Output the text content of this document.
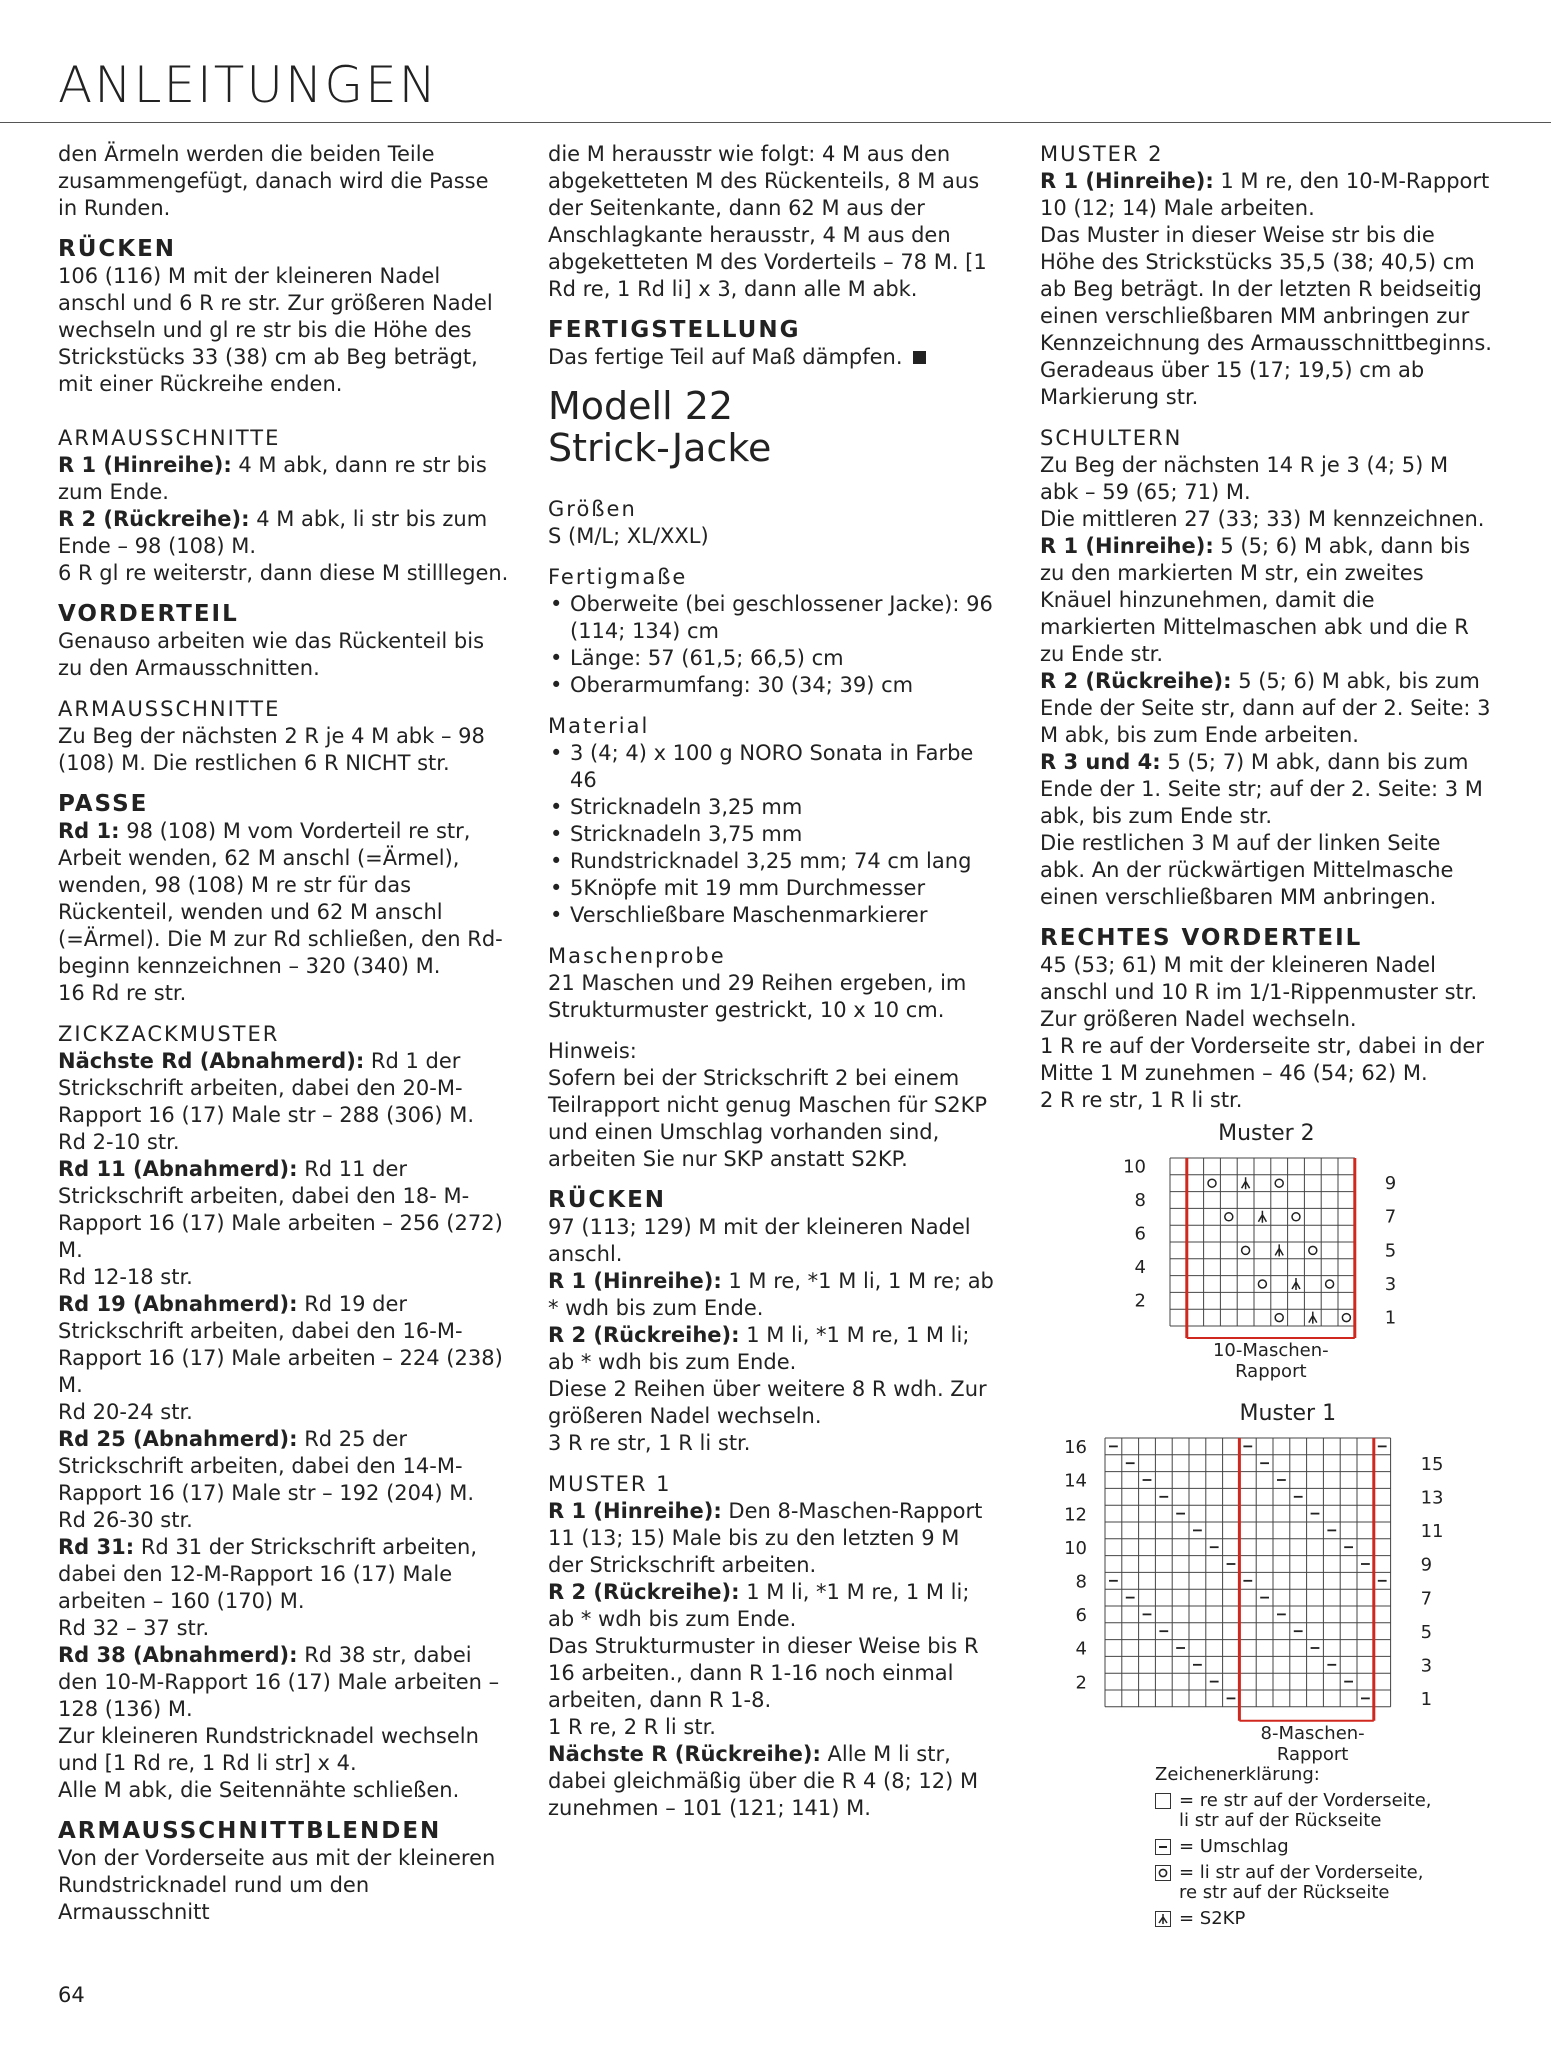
ANLEITUNGEN

den Ärmeln werden die beiden Teile zusammengefügt, danach wird die Passe in Runden.

RÜCKEN

106 (116) M mit der kleineren Nadel anschl und 6 R re str. Zur größeren Nadel wechseln und gl re str bis die Höhe des Strickstücks 33 (38) cm ab Beg beträgt, mit einer Rückreihe enden.

ARMAUSSCHNITTE

R 1 (Hinreihe): 4 M abk, dann re str bis zum Ende.

R 2 (Rückreihe): 4 M abk, li str bis zum Ende – 98 (108) M.

6 R gl re weiterstr, dann diese M stilllegen.

VORDERTEIL

Genauso arbeiten wie das Rückenteil bis zu den Armausschnitten.

ARMAUSSCHNITTE

Zu Beg der nächsten 2 R je 4 M abk – 98 (108) M. Die restlichen 6 R NICHT str.

PASSE

Rd 1: 98 (108) M vom Vorderteil re str, Arbeit wenden, 62 M anschl (=Ärmel), wenden, 98 (108) M re str für das Rückenteil, wenden und 62 M anschl (=Ärmel). Die M zur Rd schließen, den Rd-beginn kennzeichnen – 320 (340) M.

16 Rd re str.

ZICKZACKMUSTER

Nächste Rd (Abnahmerd): Rd 1 der Strickschrift arbeiten, dabei den 20-M-Rapport 16 (17) Male str – 288 (306) M.

Rd 2-10 str.

Rd 11 (Abnahmerd): Rd 11 der Strickschrift arbeiten, dabei den 18- M- Rapport 16 (17) Male arbeiten – 256 (272) M.

Rd 12-18 str.

Rd 19 (Abnahmerd): Rd 19 der Strickschrift arbeiten, dabei den 16-M-Rapport 16 (17) Male arbeiten – 224 (238) M.

Rd 20-24 str.

Rd 25 (Abnahmerd): Rd 25 der Strickschrift arbeiten, dabei den 14-M-Rapport 16 (17) Male str – 192 (204) M.

Rd 26-30 str.

Rd 31: Rd 31 der Strickschrift arbeiten, dabei den 12-M-Rapport 16 (17) Male arbeiten – 160 (170) M.

Rd 32 – 37 str.

Rd 38 (Abnahmerd): Rd 38 str, dabei den 10-M-Rapport 16 (17) Male arbeiten – 128 (136) M.

Zur kleineren Rundstricknadel wechseln und [1 Rd re, 1 Rd li str] x 4.

Alle M abk, die Seitennähte schließen.

ARMAUSSCHNITTBLENDEN

Von der Vorderseite aus mit der kleineren Rundstricknadel rund um den Armausschnitt

die M herausstr wie folgt: 4 M aus den abgeketteten M des Rückenteils, 8 M aus der Seitenkante, dann 62 M aus der Anschlagkante herausstr, 4 M aus den abgeketteten M des Vorderteils – 78 M. [1 Rd re, 1 Rd li] x 3, dann alle M abk.

FERTIGSTELLUNG

Das fertige Teil auf Maß dämpfen.

Modell 22

Strick-Jacke

Größen

S (M/L; XL/XXL)

Fertigmaße

• Oberweite (bei geschlossener Jacke): 96 (114; 134) cm
• Länge: 57 (61,5; 66,5) cm
• Oberarmumfang: 30 (34; 39) cm

Material

• 3 (4; 4) x 100 g NORO Sonata in Farbe 46
• Stricknadeln 3,25 mm
• Stricknadeln 3,75 mm
• Rundstricknadel 3,25 mm; 74 cm lang
• 5Knöpfe mit 19 mm Durchmesser
• Verschließbare Maschenmarkierer

Maschenprobe

21 Maschen und 29 Reihen ergeben, im Strukturmuster gestrickt, 10 x 10 cm.

Hinweis:

Sofern bei der Strickschrift 2 bei einem Teilrapport nicht genug Maschen für S2KP und einen Umschlag vorhanden sind, arbeiten Sie nur SKP anstatt S2KP.

RÜCKEN

97 (113; 129) M mit der kleineren Nadel anschl.

R 1 (Hinreihe): 1 M re, *1 M li, 1 M re; ab * wdh bis zum Ende.

R 2 (Rückreihe): 1 M li, *1 M re, 1 M li; ab * wdh bis zum Ende.

Diese 2 Reihen über weitere 8 R wdh. Zur größeren Nadel wechseln.

3 R re str, 1 R li str.

MUSTER 1

R 1 (Hinreihe): Den 8-Maschen-Rapport 11 (13; 15) Male bis zu den letzten 9 M der Strickschrift arbeiten.

R 2 (Rückreihe): 1 M li, *1 M re, 1 M li; ab * wdh bis zum Ende.

Das Strukturmuster in dieser Weise bis R 16 arbeiten., dann R 1-16 noch einmal arbeiten, dann R 1-8.

1 R re, 2 R li str.

Nächste R (Rückreihe): Alle M li str, dabei gleichmäßig über die R 4 (8; 12) M zunehmen – 101 (121; 141) M.

MUSTER 2

R 1 (Hinreihe): 1 M re, den 10-M-Rapport 10 (12; 14) Male arbeiten.

Das Muster in dieser Weise str bis die Höhe des Strickstücks 35,5 (38; 40,5) cm ab Beg beträgt. In der letzten R beidseitig einen verschließbaren MM anbringen zur Kennzeichnung des Armausschnittbeginns. Geradeaus über 15 (17; 19,5) cm ab Markierung str.

SCHULTERN

Zu Beg der nächsten 14 R je 3 (4; 5) M abk – 59 (65; 71) M.

Die mittleren 27 (33; 33) M kennzeichnen.

R 1 (Hinreihe): 5 (5; 6) M abk, dann bis zu den markierten M str, ein zweites Knäuel hinzunehmen, damit die markierten Mittelmaschen abk und die R zu Ende str.

R 2 (Rückreihe): 5 (5; 6) M abk, bis zum Ende der Seite str, dann auf der 2. Seite: 3 M abk, bis zum Ende arbeiten.

R 3 und 4: 5 (5; 7) M abk, dann bis zum Ende der 1. Seite str; auf der 2. Seite: 3 M abk, bis zum Ende str.

Die restlichen 3 M auf der linken Seite abk. An der rückwärtigen Mittelmasche einen verschließbaren MM anbringen.

RECHTES VORDERTEIL

45 (53; 61) M mit der kleineren Nadel anschl und 10 R im 1/1-Rippenmuster str. Zur größeren Nadel wechseln.

1 R re auf der Vorderseite str, dabei in der Mitte 1 M zunehmen – 46 (54; 62) M.

2 R re str, 1 R li str.

Muster 2
10
8
6
4
2
9
7
5
3
1
10-Maschen-
Rapport
Muster 1
16
14
12
10
8
6
4
2
15
13
11
9
7
5
3
1
8-Maschen-
Rapport

Zeichenerklärung:

= re str auf der Vorderseite,
li str auf der Rückseite
= Umschlag
= li str auf der Vorderseite,
re str auf der Rückseite
= S2KP
64
